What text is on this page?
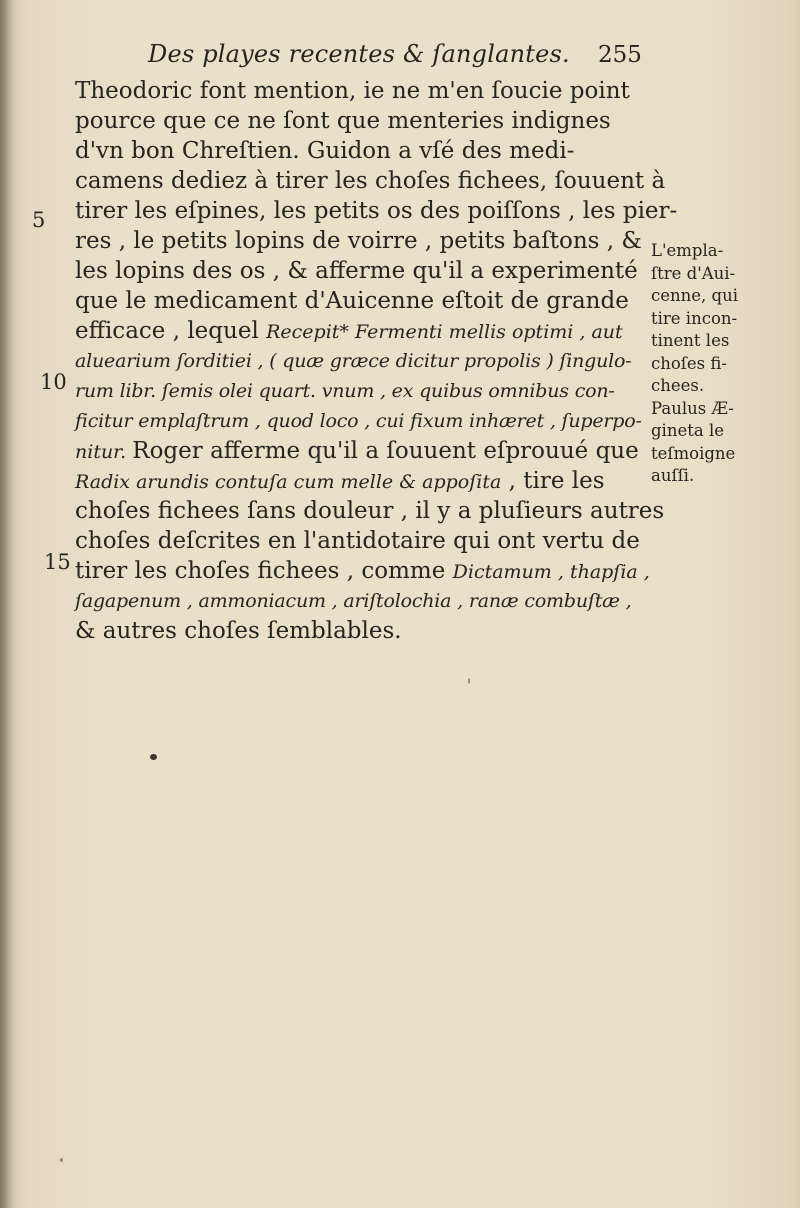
Des playes recentes & ſanglantes. 255
Theodoric font mention, ie ne m'en ſoucie point
pource que ce ne ſont que menteries indignes
d'vn bon Chreſtien. Guidon a vſé des medi-
camens dediez à tirer les choſes fichees, ſouuent à
tirer les eſpines, les petits os des poiſſons , les pier-
res , le petits lopins de voirre , petits baſtons , &
les lopins des os , & afferme qu'il a experimenté
que le medicament d'Auicenne eſtoit de grande
efficace , lequel Recepit* Fermenti mellis optimi , aut
aluearium ſorditiei , ( quæ græce dicitur propolis ) ſingulo-
rum libr. ſemis olei quart. vnum , ex quibus omnibus con-
ficitur emplaſtrum , quod loco , cui fixum inhæret , ſuperpo-
nitur. Roger afferme qu'il a ſouuent eſprouué que
Radix arundis contuſa cum melle & appoſita , tire les
choſes fichees ſans douleur , il y a pluſieurs autres
choſes deſcrites en l'antidotaire qui ont vertu de
tirer les choſes fichees , comme Dictamum , thapſia ,
ſagapenum , ammoniacum , ariſtolochia , ranæ combuſtæ ,
& autres choſes ſemblables.
5
10
15
L'empla-
ſtre d'Aui-
cenne, qui
tire incon-
tinent les
choſes fi-
chees.
Paulus Æ-
gineta le
teſmoigne
auſſi.
